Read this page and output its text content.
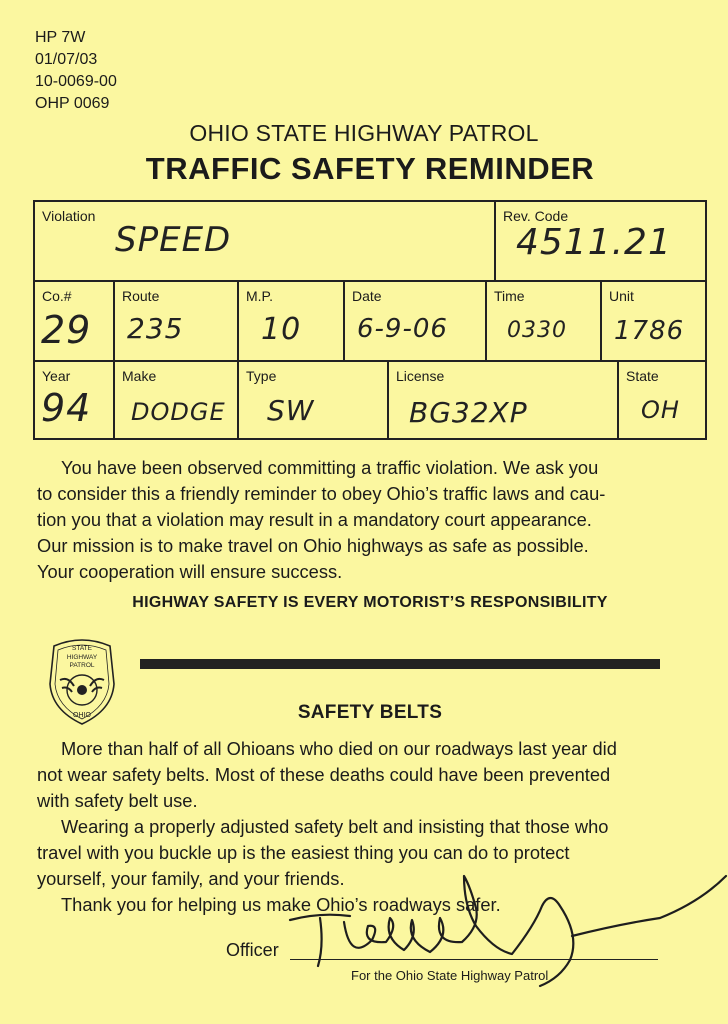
HP 7W
01/07/03
10-0069-00
OHP 0069
OHIO STATE HIGHWAY PATROL
TRAFFIC SAFETY REMINDER
Violation
SPEED
Rev. Code
4511.21
Co.#
29
Route
235
M.P.
10
Date
6-9-06
Time
0330
Unit
1786
Year
94
Make
DODGE
Type
SW
License
BG32XP
State
OH

You have been observed committing a traffic violation. We ask you

to consider this a friendly reminder to obey Ohio’s traffic laws and cau-

tion you that a violation may result in a mandatory court appearance.

Our mission is to make travel on Ohio highways as safe as possible.

Your cooperation will ensure success.

HIGHWAY SAFETY IS EVERY MOTORIST’S RESPONSIBILITY
STATE
HIGHWAY
PATROL
OHIO	SAFETY BELTS

More than half of all Ohioans who died on our roadways last year did

not wear safety belts. Most of these deaths could have been prevented

with safety belt use.

Wearing a properly adjusted safety belt and insisting that those who

travel with you buckle up is the easiest thing you can do to protect

yourself, your family, and your friends.

Thank you for helping us make Ohio’s roadways safer.

Officer
For the Ohio State Highway Patrol
